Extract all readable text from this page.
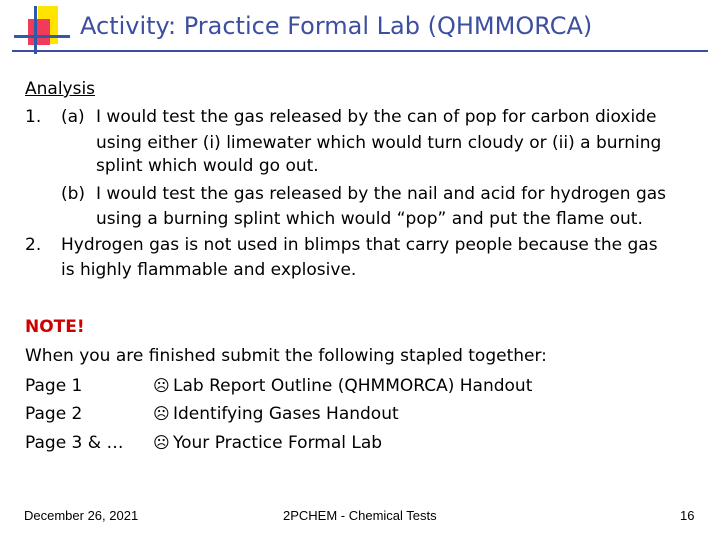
Activity: Practice Formal Lab (QHMMORCA)
Analysis
1. (a) I would test the gas released by the can of pop for carbon dioxide
using either (i) limewater which would turn cloudy or (ii) a burning
splint which would go out.
(b) I would test the gas released by the nail and acid for hydrogen gas
using a burning splint which would “pop” and put the flame out.
2. Hydrogen gas is not used in blimps that carry people because the gas
is highly flammable and explosive.
NOTE!
When you are finished submit the following stapled together:
Page 1	☹ Lab Report Outline (QHMMORCA) Handout
Page 2	☹ Identifying Gases Handout
Page 3 & … ☹ Your Practice Formal Lab
December 26, 2021	2PCHEM - Chemical Tests	16
